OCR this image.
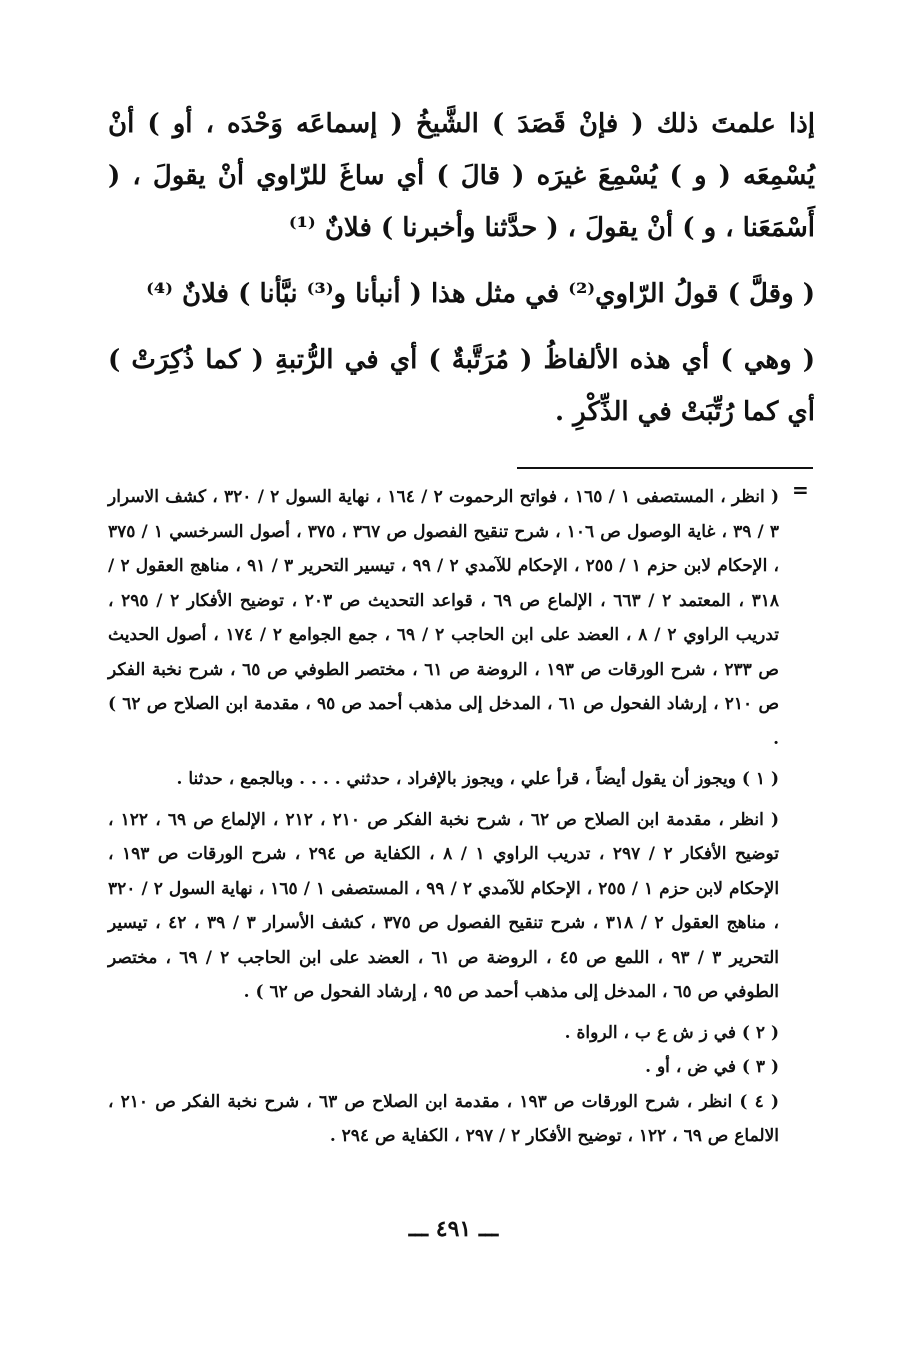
إذا علمتَ ذلك ( فإنْ قَصَدَ ) الشَّيخُ ( إسماعَه وَحْدَه ، أو ) أنْ يُسْمِعَه ( و ) يُسْمِعَ غيرَه ( قالَ ) أي ساغَ للرّاوي أنْ يقولَ ، ( أَسْمَعَنا ، و ) أنْ يقولَ ، ( حدَّثنا وأخبرنا ) فلانٌ ⁽¹⁾

( وقلَّ ) قولُ الرّاوي⁽²⁾ في مثل هذا ( أنبأنا و⁽³⁾ نبَّأنا ) فلانٌ ⁽⁴⁾

( وهي ) أي هذه الألفاظُ ( مُرَتَّبةٌ ) أي في الرُّتبةِ ( كما ذُكِرَتْ ) أي كما رُتِّبَتْ في الذِّكْرِ .

=

( انظر ، المستصفى ١ / ١٦٥ ، فواتح الرحموت ٢ / ١٦٤ ، نهاية السول ٢ / ٣٢٠ ، كشف الاسرار ٣ / ٣٩ ، غاية الوصول ص ١٠٦ ، شرح تنقيح الفصول ص ٣٦٧ ، ٣٧٥ ، أصول السرخسي ١ / ٣٧٥ ، الإحكام لابن حزم ١ / ٢٥٥ ، الإحكام للآمدي ٢ / ٩٩ ، تيسير التحرير ٣ / ٩١ ، مناهج العقول ٢ / ٣١٨ ، المعتمد ٢ / ٦٦٣ ، الإلماع ص ٦٩ ، قواعد التحديث ص ٢٠٣ ، توضيح الأفكار ٢ / ٢٩٥ ، تدريب الراوي ٢ / ٨ ، العضد على ابن الحاجب ٢ / ٦٩ ، جمع الجوامع ٢ / ١٧٤ ، أصول الحديث ص ٢٣٣ ، شرح الورقات ص ١٩٣ ، الروضة ص ٦١ ، مختصر الطوفي ص ٦٥ ، شرح نخبة الفكر ص ٢١٠ ، إرشاد الفحول ص ٦١ ، المدخل إلى مذهب أحمد ص ٩٥ ، مقدمة ابن الصلاح ص ٦٢ ) .

( ١ ) ويجوز أن يقول أيضاً ، قرأ علي ، ويجوز بالإفراد ، حدثني . . . . وبالجمع ، حدثنا .

( انظر ، مقدمة ابن الصلاح ص ٦٢ ، شرح نخبة الفكر ص ٢١٠ ، ٢١٢ ، الإلماع ص ٦٩ ، ١٢٢ ، توضيح الأفكار ٢ / ٢٩٧ ، تدريب الراوي ١ / ٨ ، الكفاية ص ٢٩٤ ، شرح الورقات ص ١٩٣ ، الإحكام لابن حزم ١ / ٢٥٥ ، الإحكام للآمدي ٢ / ٩٩ ، المستصفى ١ / ١٦٥ ، نهاية السول ٢ / ٣٢٠ ، مناهج العقول ٢ / ٣١٨ ، شرح تنقيح الفصول ص ٣٧٥ ، كشف الأسرار ٣ / ٣٩ ، ٤٢ ، تيسير التحرير ٣ / ٩٣ ، اللمع ص ٤٥ ، الروضة ص ٦١ ، العضد على ابن الحاجب ٢ / ٦٩ ، مختصر الطوفي ص ٦٥ ، المدخل إلى مذهب أحمد ص ٩٥ ، إرشاد الفحول ص ٦٢ ) .

( ٢ ) في ز ش ع ب ، الرواة .

( ٣ ) في ض ، أو .

( ٤ ) انظر ، شرح الورقات ص ١٩٣ ، مقدمة ابن الصلاح ص ٦٣ ، شرح نخبة الفكر ص ٢١٠ ، الالماع ص ٦٩ ، ١٢٢ ، توضيح الأفكار ٢ / ٢٩٧ ، الكفاية ص ٢٩٤ .

ـــ ٤٩١ ـــ
